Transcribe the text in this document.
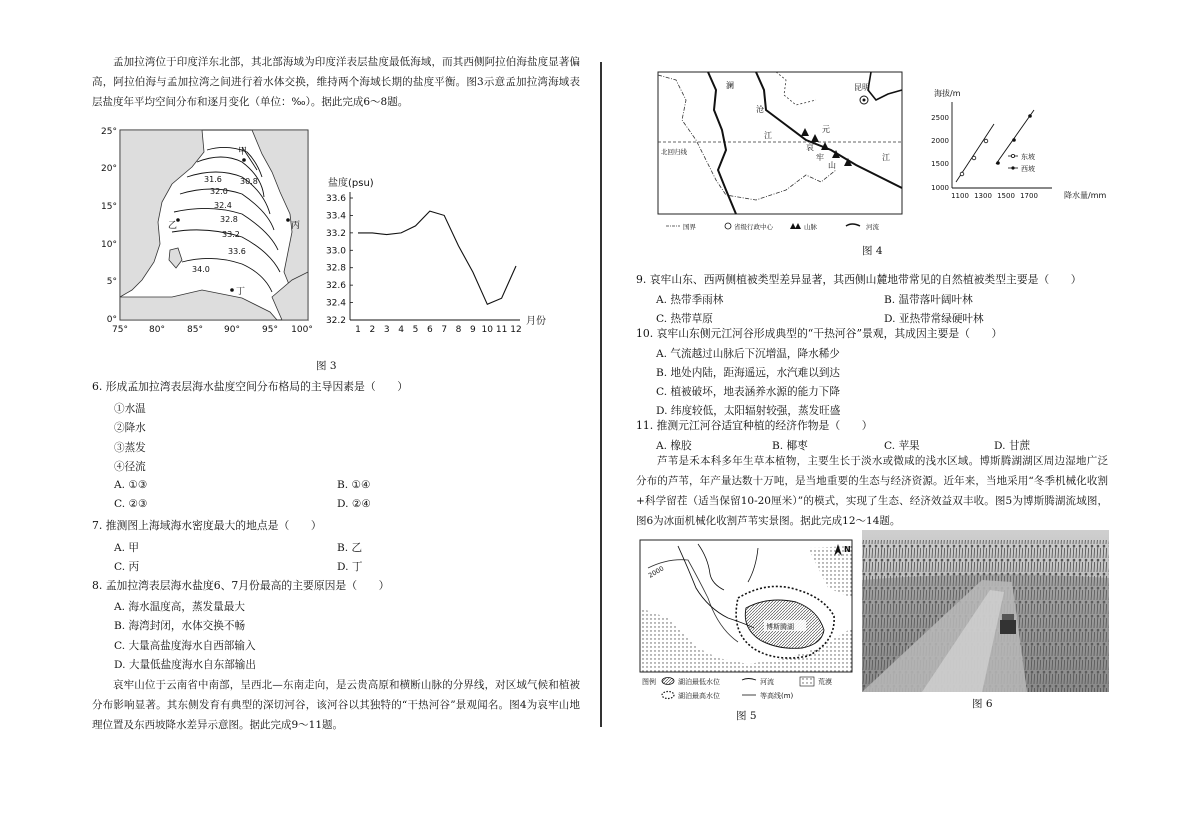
孟加拉湾位于印度洋东北部，其北部海域为印度洋表层盐度最低海域，而其西侧阿拉伯海盐度显著偏高，阿拉伯海与孟加拉湾之间进行着水体交换，维持两个海域长期的盐度平衡。图3示意孟加拉湾海域表层盐度年平均空间分布和逐月变化（单位：‰）。据此完成6～8题。
31.6
32.0
32.4
32.8
33.2
33.6
34.0
30.8
甲
乙	丙
丁
25°
20°
15°
10°
5°
0°
75° 80° 85° 90° 95° 100°
盐度(psu)
33.6
33.4
33.2
33.0
32.8
32.6
32.4
32.2
1 2 3 4 5 6 7 8 9 10 11 12
月份
图 3
6. 形成孟加拉湾表层海水盐度空间分布格局的主导因素是（　　）
①水温
②降水
③蒸发
④径流
A. ①③	B. ①④
C. ②③	D. ②④
7. 推测图上海域海水密度最大的地点是（　　）
A. 甲	B. 乙
C. 丙	D. 丁
8. 孟加拉湾表层海水盐度6、7月份最高的主要原因是（　　）
A. 海水温度高，蒸发量最大
B. 海湾封闭，水体交换不畅
C. 大量高盐度海水自西部输入
D. 大量低盐度海水自东部输出
哀牢山位于云南省中南部，呈西北—东南走向，是云贵高原和横断山脉的分界线，对区域气候和植被分布影响显著。其东侧发育有典型的深切河谷，该河谷以其独特的“干热河谷”景观闻名。图4为哀牢山地理位置及东西坡降水差异示意图。据此完成9～11题。
北回归线
昆明
澜
沧
江
元
哀
牢
山
江
国界	省级行政中心	山脉	河流
海拔/m
2500
2000
1500
1000
1100 1300 1500 1700
东坡
西坡
降水量/mm
图 4
9. 哀牢山东、西两侧植被类型差异显著，其西侧山麓地带常见的自然植被类型主要是（　　）
A. 热带季雨林	B. 温带落叶阔叶林
C. 热带草原	D. 亚热带常绿硬叶林
10. 哀牢山东侧元江河谷形成典型的“干热河谷”景观，其成因主要是（　　）
A. 气流越过山脉后下沉增温，降水稀少
B. 地处内陆，距海遥远，水汽难以到达
C. 植被破坏，地表涵养水源的能力下降
D. 纬度较低，太阳辐射较强，蒸发旺盛
11. 推测元江河谷适宜种植的经济作物是（　　）
A. 橡胶	B. 椰枣	C. 苹果	D. 甘蔗
芦苇是禾本科多年生草本植物，主要生长于淡水或微咸的浅水区域。博斯腾湖湖区周边湿地广泛分布的芦苇，年产量达数十万吨，是当地重要的生态与经济资源。近年来，当地采用“冬季机械化收割+科学留茬（适当保留10-20厘米）”的模式，实现了生态、经济效益双丰收。图5为博斯腾湖流域图，图6为冰面机械化收割芦苇实景图。据此完成12～14题。
2000
博斯腾湖
N
图例	湖泊最低水位
湖泊最高水位
河流
等高线(m)
荒漠
图 5
图 6
